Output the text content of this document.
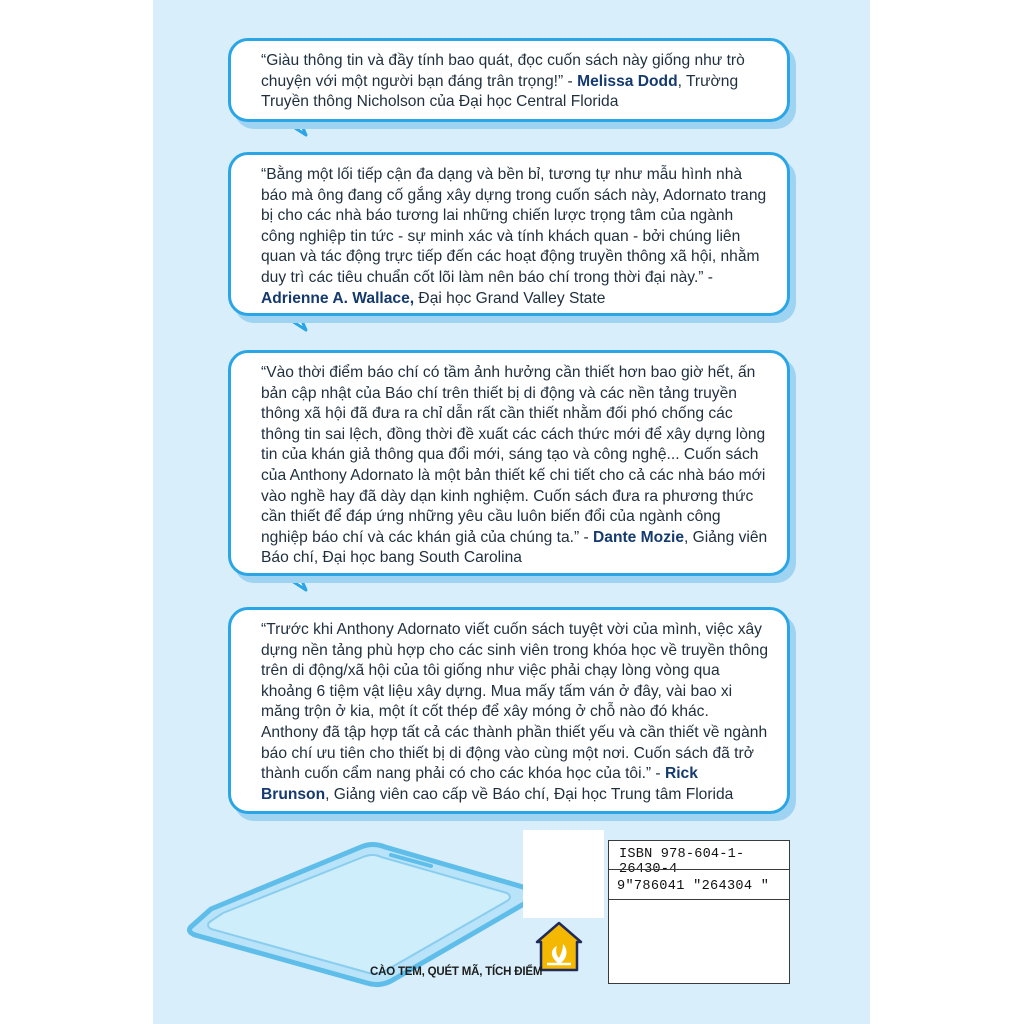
“Giàu thông tin và đầy tính bao quát, đọc cuốn sách này giống như trò chuyện với một người bạn đáng trân trọng!” - Melissa Dodd, Trường Truyền thông Nicholson của Đại học Central Florida
“Bằng một lối tiếp cận đa dạng và bền bỉ, tương tự như mẫu hình nhà báo mà ông đang cố gắng xây dựng trong cuốn sách này, Adornato trang bị cho các nhà báo tương lai những chiến lược trọng tâm của ngành công nghiệp tin tức - sự minh xác và tính khách quan - bởi chúng liên quan và tác động trực tiếp đến các hoạt động truyền thông xã hội, nhằm duy trì các tiêu chuẩn cốt lõi làm nên báo chí trong thời đại này.” - Adrienne A. Wallace, Đại học Grand Valley State
“Vào thời điểm báo chí có tầm ảnh hưởng cần thiết hơn bao giờ hết, ấn bản cập nhật của Báo chí trên thiết bị di động và các nền tảng truyền thông xã hội đã đưa ra chỉ dẫn rất cần thiết nhằm đối phó chống các thông tin sai lệch, đồng thời đề xuất các cách thức mới để xây dựng lòng tin của khán giả thông qua đổi mới, sáng tạo và công nghệ... Cuốn sách của Anthony Adornato là một bản thiết kế chi tiết cho cả các nhà báo mới vào nghề hay đã dày dạn kinh nghiệm. Cuốn sách đưa ra phương thức cần thiết để đáp ứng những yêu cầu luôn biến đổi của ngành công nghiệp báo chí và các khán giả của chúng ta.” - Dante Mozie, Giảng viên Báo chí, Đại học bang South Carolina
“Trước khi Anthony Adornato viết cuốn sách tuyệt vời của mình, việc xây dựng nền tảng phù hợp cho các sinh viên trong khóa học về truyền thông trên di động/xã hội của tôi giống như việc phải chạy lòng vòng qua khoảng 6 tiệm vật liệu xây dựng. Mua mấy tấm ván ở đây, vài bao xi măng trộn ở kia, một ít cốt thép để xây móng ở chỗ nào đó khác. Anthony đã tập hợp tất cả các thành phần thiết yếu và cần thiết về ngành báo chí ưu tiên cho thiết bị di động vào cùng một nơi. Cuốn sách đã trở thành cuốn cẩm nang phải có cho các khóa học của tôi.” - Rick Brunson, Giảng viên cao cấp về Báo chí, Đại học Trung tâm Florida
ISBN 978-604-1-26430-4
9"786041 "264304 "
CÀO TEM, QUÉT MÃ, TÍCH ĐIỂM
